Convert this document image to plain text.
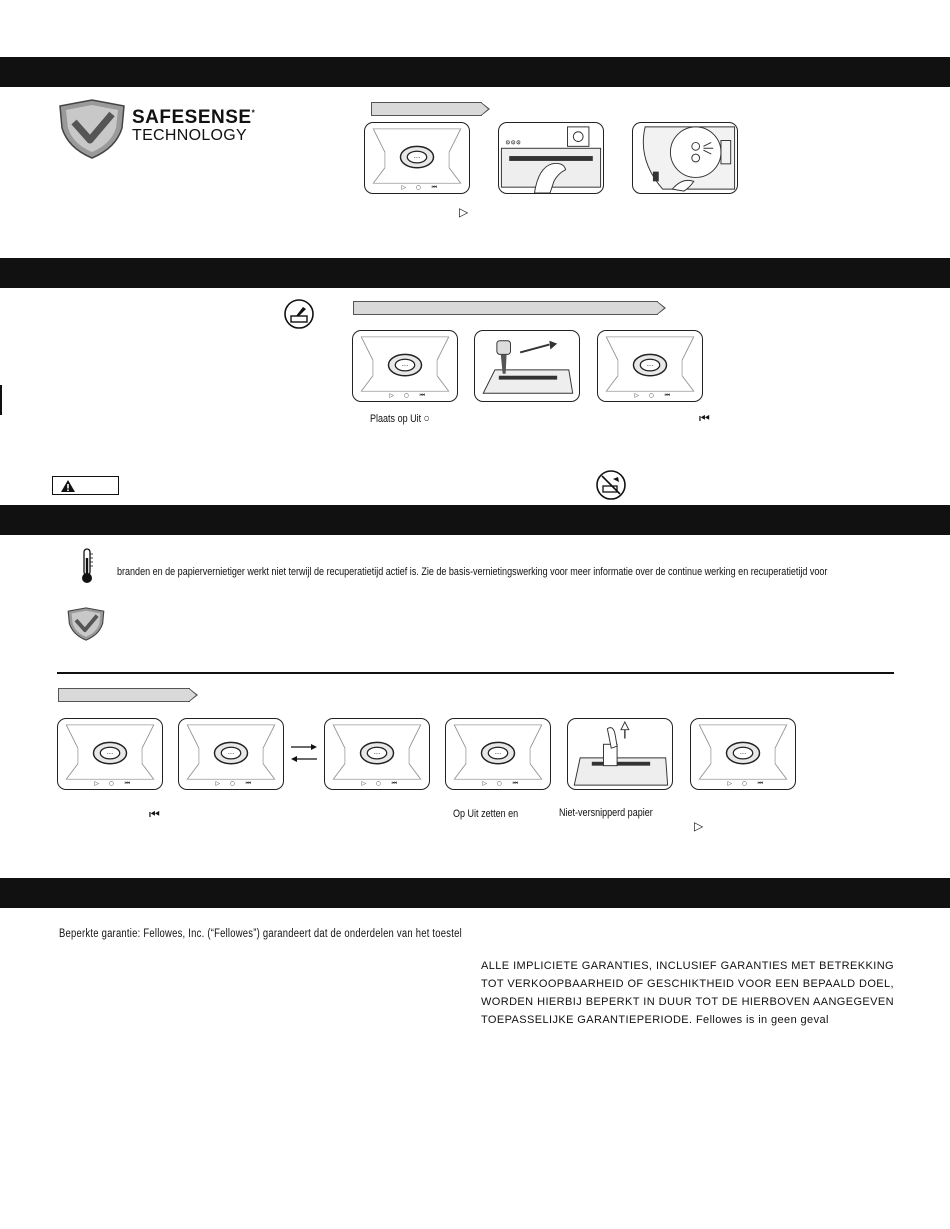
SAFESENSE*
TECHNOLOGY
···
▷ ○ ⏮
⚙⚙⚙
▷
···
▷ ○ ⏮
···
▷ ○ ⏮
Plaats op Uit ○	⏮
branden en de papiervernietiger werkt niet terwijl de recuperatietijd actief is. Zie de basis-vernietingswerking voor meer informatie over de continue werking en recuperatietijd voor
···
▷ ○ ⏮
···
▷ ○ ⏮
···
▷ ○ ⏮
···
▷ ○ ⏮
···
▷ ○ ⏮
⏮	Op Uit zetten en	Niet-versnipperd papier
▷
Beperkte garantie: Fellowes, Inc. (“Fellowes”) garandeert dat de onderdelen van het toestel
ALLE IMPLICIETE GARANTIES, INCLUSIEF GARANTIES MET BETREKKING TOT VERKOOPBAARHEID OF GESCHIKTHEID VOOR EEN BEPAALD DOEL, WORDEN HIERBIJ BEPERKT IN DUUR TOT DE HIERBOVEN AANGEGEVEN TOEPASSELIJKE GARANTIEPERIODE. Fellowes is in geen geval
